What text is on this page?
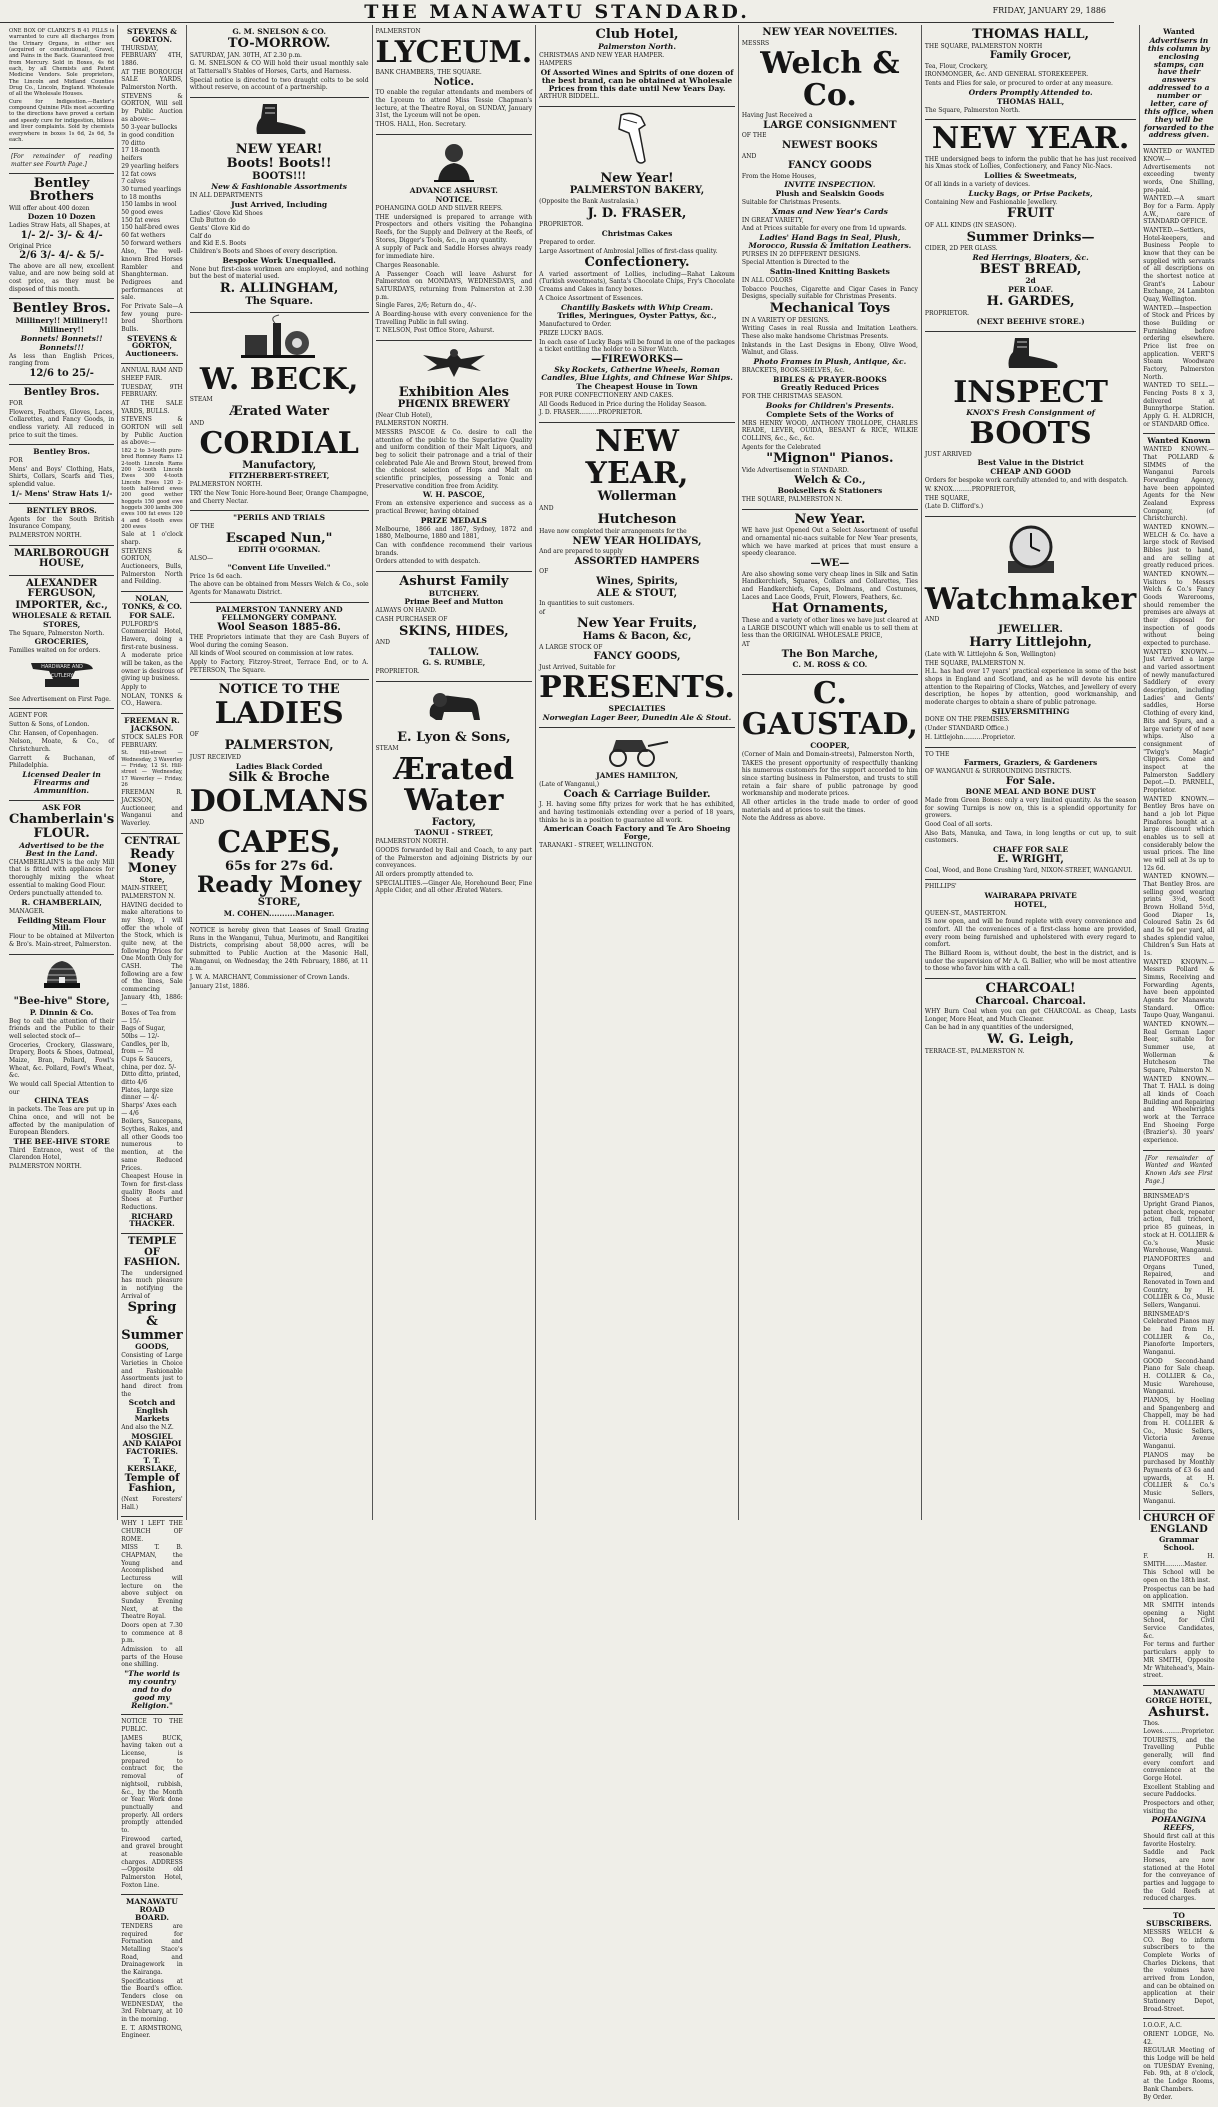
THE MANAWATU STANDARD.	FRIDAY, JANUARY 29, 1886
ONE BOX OF CLARKE'S B 41 PILLS is warranted to cure all discharges from the Urinary Organs, in either sex (acquired or constitutional), Gravel, and Pains in the Back. Guaranteed free from Mercury. Sold in Boxes, 4s 6d each, by all Chemists and Patent Medicine Vendors. Sole proprietors, The Lincoln and Midland Counties Drug Co., Lincoln, England. Wholesale of all the Wholesale Houses.
Cure for Indigestion.—Baxter's compound Quinine Pills most according to the directions have proved a certain and speedy cure for indigestion, bilious and liver complaints. Sold by chemists everywhere in boxes 1s 6d, 2s 6d, 5s each.
[For remainder of reading matter see Fourth Page.]
Bentley Brothers
Will offer about 400 dozen
Dozen 10 Dozen
Ladies Straw Hats, all Shapes, at
1/- 2/- 3/- & 4/-
Original Price
2/6 3/- 4/- & 5/-
The above are all new, excellent value, and are now being sold at cost price, as they must be disposed of this month.
Bentley Bros.
Millinery!! Millinery!!
Millinery!!
Bonnets! Bonnets!!
Bonnets!!!
As less than English Prices, ranging from
12/6 to 25/-
Bentley Bros.
FOR
Flowers, Feathers, Gloves, Laces, Collarettes, and Fancy Goods, in endless variety. All reduced in price to suit the times.
Bentley Bros.
FOR
Mens' and Boys' Clothing, Hats, Shirts, Collars, Scarfs and Ties, splendid value.
1/- Mens' Straw Hats 1/-
BENTLEY BROS.
Agents for the South British Insurance Company,
PALMERSTON NORTH.
MARLBOROUGH HOUSE,
ALEXANDER FERGUSON,
IMPORTER, &c.,
WHOLESALE & RETAIL
STORES,
The Square, Palmerston North.
GROCERIES,
Families waited on for orders.
HARDWARE AND
CUTLERY
See Advertisement on First Page.
AGENT FOR
Sutton & Sons, of London.
Chr. Hansen, of Copenhagen.
Nelson, Moate, & Co., of Christchurch.
Garrett & Buchanan, of Philadelphia.
Licensed Dealer in Firearms and Ammunition.
ASK FOR
Chamberlain's
FLOUR.
Advertised to be the Best in the Land.
CHAMBERLAIN'S is the only Mill that is fitted with appliances for thoroughly mixing the wheat essential to making Good Flour.
Orders punctually attended to.
R. CHAMBERLAIN,
MANAGER.
Feilding Steam Flour Mill.
Flour to be obtained at Milverton & Bro's. Main-street, Palmerston.
"Bee-hive" Store,
P. Dinnin & Co.
Beg to call the attention of their friends and the Public to their well selected stock of—
Groceries, Crockery, Glassware, Drapery, Boots & Shoes, Oatmeal, Maize, Bran, Pollard, Fowl's Wheat, &c. Pollard, Fowl's Wheat, &c.
We would call Special Attention to our
CHINA TEAS
in packets. The Teas are put up in China once, and will not be affected by the manipulation of European Blenders.
THE BEE-HIVE STORE
Third Entrance, west of the Clarendon Hotel,
PALMERSTON NORTH.
STEVENS & GORTON.
THURSDAY, FEBRUARY 4TH, 1886.
AT THE BOROUGH SALE YARDS, Palmerston North.
STEVENS & GORTON, Will sell by Public Auction as above:—
50 3-year bullocks in good condition
70 ditto
17 18-month heifers
29 yearling heifers
12 fat cows
7 calves
30 turned yearlings to 18 months
150 lambs in wool
50 good ewes
150 fat ewes
150 half-bred ewes
60 fat wethers
50 forward wethers
Also, The well-known Bred Horses Rambler and Shanghterman. Pedigrees and performances at sale.
For Private Sale—A few young pure-bred Shorthorn Bulls.
STEVENS & GORTON, Auctioneers.
ANNUAL RAM AND SHEEP FAIR.
TUESDAY, 9TH FEBRUARY.
AT THE SALE YARDS, BULLS.
STEVENS & GORTON will sell by Public Auction as above:—
182 2 to 3-tooth pure-bred Romney Rams 12 2-tooth Lincoln Rams 200 2-tooth Lincoln Ewes 300 4-tooth Lincoln Ewes 120 2-tooth half-bred ewes 200 good wether hoggets 150 good ewe hoggets 300 lambs 300 ewes 100 fat ewes 120 4 and 6-tooth ewes 200 ewes
Sale at 1 o'clock sharp.
STEVENS & GORTON, Auctioneers, Bulls, Palmerston North and Feilding.
NOLAN, TONKS, & CO.
FOR SALE.
PULFORD'S Commercial Hotel, Hawera, doing a first-rate business.
A moderate price will be taken, as the owner is desirous of giving up business.
Apply to
NOLAN, TONKS & CO., Hawera.
FREEMAN R. JACKSON.
STOCK SALES FOR FEBRUARY.
St. Hill-street — Wednesday, 3 Waverley — Friday, 12 St. Hill-street — Wednesday, 17 Waverley — Friday, 26
FREEMAN R. JACKSON, Auctioneer, and Wanganui and Waverley.
CENTRAL
Ready Money
Store,
MAIN-STREET, PALMERSTON N.
HAVING decided to make alterations to my Shop, I will offer the whole of the Stock, which is quite new, at the following Prices for One Month Only for CASH. The following are a few of the lines, Sale commencing January 4th, 1886:—
Boxes of Tea from — 15/-
Bags of Sugar, 50lbs — 12/-
Candles, per lb, from — 7d
Cups & Saucers, china, per doz. 5/-
Ditto ditto, printed, ditto 4/6
Plates, large size dinner — 4/-
Sharps' Axes each — 4/6
Boilers, Saucepans, Scythes, Rakes, and all other Goods too numerous to mention, at the same Reduced Prices.
Cheapest House in Town for first-class quality Boots and Shoes at Further Reductions.
RICHARD THACKER.
TEMPLE OF FASHION.
The undersigned has much pleasure in notifying the Arrival of
Spring & Summer
GOODS,
Consisting of Large Varieties in Choice and Fashionable Assortments just to hand direct from the
Scotch and English Markets
And also the N.Z.
MOSGIEL AND KAIAPOI FACTORIES.
T. T. KERSLAKE,
Temple of Fashion,
(Next Foresters' Hall.)
WHY I LEFT THE CHURCH OF ROME.
MISS T. B. CHAPMAN, the Young and Accomplished Lecturess will lecture on the above subject on Sunday Evening Next, at the Theatre Royal.
Doors open at 7.30 to commence at 8 p.m.
Admission to all parts of the House one shilling.
"The world is my country and to do good my Religion."
NOTICE TO THE PUBLIC.
JAMES BUCK, having taken out a License, is prepared to contract for, the removal of nightsoil, rubbish, &c., by the Month or Year. Work done punctually and properly. All orders promptly attended to.
Firewood carted, and gravel brought at reasonable charges. ADDRESS—Opposite old Palmerston Hotel, Foxton Line.
MANAWATU ROAD BOARD.
TENDERS are required for Formation and Metalling Stace's Road, and Drainagework in the Kairanga.
Specifications at the Board's office. Tenders close on WEDNESDAY, the 3rd February, at 10 in the morning.
E. T. ARMSTRONG, Engineer.
G. M. SNELSON & CO.
TO-MORROW.
SATURDAY, JAN. 30TH, AT 2.30 p.m.
G. M. SNELSON & CO Will hold their usual monthly sale at Tattersall's Stables of Horses, Carts, and Harness.
Special notice is directed to two draught colts to be sold without reserve, on account of a partnership.
NEW YEAR!
Boots! Boots!!
BOOTS!!!
New & Fashionable Assortments
IN ALL DEPARTMENTS
Just Arrived, Including
Ladies' Glove Kid Shoes
Club Button do
Gents' Glove Kid do
Calf do
and Kid E.S. Boots
Children's Boots and Shoes of every description.
Bespoke Work Unequalled.
None but first-class workmen are employed, and nothing but the best of material used.
R. ALLINGHAM,
The Square.
W. BECK,
STEAM
Ærated Water
AND
CORDIAL
Manufactory,
FITZHERBERT-STREET,
PALMERSTON NORTH.
TRY the New Tonic Hore-hound Beer, Orange Champagne, and Cherry Nectar.
"PERILS AND TRIALS
OF THE
Escaped Nun,"
EDITH O'GORMAN.
ALSO—
"Convent Life Unveiled."
Price 1s 6d each.
The above can be obtained from Messrs Welch & Co., sole Agents for Manawatu District.
PALMERSTON TANNERY AND FELLMONGERY COMPANY.
Wool Season 1885-86.
THE Proprietors intimate that they are Cash Buyers of Wool during the coming Season.
All kinds of Wool scoured on commission at low rates.
Apply to Factory, Fitzroy-Street, Terrace End, or to A. PETERSON, The Square.
NOTICE TO THE
LADIES
OF
PALMERSTON,
JUST RECEIVED
Ladies Black Corded
Silk & Broche
DOLMANS
AND
CAPES,
65s for 27s 6d.
Ready Money
STORE,
M. COHEN..........Manager.
NOTICE is hereby given that Leases of Small Grazing Runs in the Wanganui, Tuhua, Murimotu, and Rangitikei Districts, comprising about 58,000 acres, will be submitted to Public Auction at the Masonic Hall, Wanganui, on Wednesday, the 24th February, 1886, at 11 a.m.
J. W. A. MARCHANT, Commissioner of Crown Lands.
January 21st, 1886.
PALMERSTON
LYCEUM.
BANK CHAMBERS, THE SQUARE.
Notice.
TO enable the regular attendants and members of the Lyceum to attend Miss Tessie Chapman's lecture, at the Theatre Royal, on SUNDAY, January 31st, the Lyceum will not be open.
THOS. HALL, Hon. Secretary.
ADVANCE ASHURST.
NOTICE.
POHANGINA GOLD AND SILVER REEFS.
THE undersigned is prepared to arrange with Prospectors and others visiting the Pohangina Reefs, for the Supply and Delivery at the Reefs, of Stores, Digger's Tools, &c., in any quantity.
A supply of Pack and Saddle Horses always ready for immediate hire.
Charges Reasonable.
A Passenger Coach will leave Ashurst for Palmerston on MONDAYS, WEDNESDAYS, and SATURDAYS, returning from Palmerston at 2.30 p.m.
Single Fares, 2/6; Return do., 4/-.
A Boarding-house with every convenience for the Travelling Public in full swing.
T. NELSON, Post Office Store, Ashurst.
Exhibition Ales
PHŒNIX BREWERY
(Near Club Hotel),
PALMERSTON NORTH.
MESSRS PASCOE & Co. desire to call the attention of the public to the Superlative Quality and uniform condition of their Malt Liquors, and beg to solicit their patronage and a trial of their celebrated Pale Ale and Brown Stout, brewed from the choicest selection of Hops and Malt on scientific principles, possessing a Tonic and Preservative condition free from Acidity.
W. H. PASCOE,
From an extensive experience and success as a practical Brewer, having obtained
PRIZE MEDALS
Melbourne, 1866 and 1867, Sydney, 1872 and 1880, Melbourne, 1880 and 1881,
Can with confidence recommend their various brands.
Orders attended to with despatch.
Ashurst Family
BUTCHERY.
Prime Beef and Mutton
ALWAYS ON HAND.
CASH PURCHASER OF
SKINS, HIDES,
AND
TALLOW.
G. S. RUMBLE,
PROPRIETOR.
E. Lyon & Sons,
STEAM
Ærated Water
Factory,
TAONUI - STREET,
PALMERSTON NORTH.
GOODS forwarded by Rail and Coach, to any part of the Palmerston and adjoining Districts by our conveyances.
All orders promptly attended to.
SPECIALITIES.—Ginger Ale, Horehound Beer, Fine Apple Cider, and all other Ærated Waters.
Club Hotel,
Palmerston North.
CHRISTMAS AND NEW YEAR HAMPER.
HAMPERS
Of Assorted Wines and Spirits of one dozen of the best brand, can be obtained at Wholesale Prices from this date until New Years Day.
ARTHUR BIDDELL.
New Year!
PALMERSTON BAKERY,
(Opposite the Bank Australasia.)
J. D. FRASER,
PROPRIETOR.
Christmas Cakes
Prepared to order.
Large Assortment of Ambrosial Jellies of first-class quality.
Confectionery.
A varied assortment of Lollies, including—Rahat Lakoum (Turkish sweetmeats), Santa's Chocolate Chips, Fry's Chocolate Creams and Cakes in fancy boxes.
A Choice Assortment of Essences.
Chantilly Baskets with Whip Cream.
Trifles, Meringues, Oyster Pattys, &c.,
Manufactured to Order.
PRIZE LUCKY BAGS.
In each case of Lucky Bags will be found in one of the packages a ticket entitling the holder to a Silver Watch.
—FIREWORKS—
Sky Rockets, Catherine Wheels, Roman Candles, Blue Lights, and Chinese War Ships.
The Cheapest House in Town
FOR PURE CONFECTIONERY AND CAKES.
All Goods Reduced in Price during the Holiday Season.
J. D. FRASER..........PROPRIETOR.
NEW YEAR,
Wollerman
AND
Hutcheson
Have now completed their arrangements for the
NEW YEAR HOLIDAYS,
And are prepared to supply
ASSORTED HAMPERS
OF
Wines, Spirits,
ALE & STOUT,
In quantities to suit customers.
of
New Year Fruits,
Hams & Bacon, &c,
A LARGE STOCK OF
FANCY GOODS,
Just Arrived, Suitable for
PRESENTS.
SPECIALTIES
Norwegian Lager Beer, Dunedin Ale & Stout.
JAMES HAMILTON,
(Late of Wanganui,)
Coach & Carriage Builder.
J. H. having some fifty prizes for work that he has exhibited, and having testimonials extending over a period of 18 years, thinks he is in a position to guarantee all work.
American Coach Factory and Te Aro Shoeing Forge,
TARANAKI - STREET, WELLINGTON.
NEW YEAR NOVELTIES.
MESSRS
Welch & Co.
Having Just Received a
LARGE CONSIGNMENT
OF THE
NEWEST BOOKS
AND
FANCY GOODS
From the Home Houses,
INVITE INSPECTION.
Plush and Sealskin Goods
Suitable for Christmas Presents.
Xmas and New Year's Cards
IN GREAT VARIETY,
And at Prices suitable for every one from 1d upwards.
Ladies' Hand Bags in Seal, Plush, Morocco, Russia & Imitation Leathers.
PURSES IN 20 DIFFERENT DESIGNS.
Special Attention is Directed to the
Satin-lined Knitting Baskets
IN ALL COLORS
Tobacco Pouches, Cigarette and Cigar Cases in Fancy Designs, specially suitable for Christmas Presents.
Mechanical Toys
IN A VARIETY OF DESIGNS.
Writing Cases in real Russia and Imitation Leathers. These also make handsome Christmas Presents.
Inkstands in the Last Designs in Ebony, Olive Wood, Walnut, and Glass.
Photo Frames in Plush, Antique, &c.
BRACKETS, BOOK-SHELVES, &c.
BIBLES & PRAYER-BOOKS
Greatly Reduced Prices
FOR THE CHRISTMAS SEASON.
Books for Children's Presents.
Complete Sets of the Works of
MRS HENRY WOOD, ANTHONY TROLLOPE, CHARLES READE, LEVER, OUIDA, BESANT & RICE, WILKIE COLLINS, &c., &c., &c.
Agents for the Celebrated
"Mignon" Pianos.
Vide Advertisement in STANDARD.
Welch & Co.,
Booksellers & Stationers
THE SQUARE, PALMERSTON N.
New Year.
WE have just Opened Out a Select Assortment of useful and ornamental nic-nacs suitable for New Year presents, which we have marked at prices that must ensure a speedy clearance.
—WE—
Are also showing some very cheap lines in Silk and Satin Handkerchiefs, Squares, Collars and Collarettes, Ties and Handkerchiefs, Capes, Dolmans, and Costumes, Laces and Lace Goods, Fruit, Flowers, Feathers, &c.
Hat Ornaments,
These and a variety of other lines we have just cleared at a LARGE DISCOUNT which will enable us to sell them at less than the ORIGINAL WHOLESALE PRICE,
AT
The Bon Marche,
C. M. ROSS & CO.
C. GAUSTAD,
COOPER,
(Corner of Main and Domain-streets), Palmerston North,
TAKES the present opportunity of respectfully thanking his numerous customers for the support accorded to him since starting business in Palmerston, and trusts to still retain a fair share of public patronage by good workmanship and moderate prices.
All other articles in the trade made to order of good materials and at prices to suit the times.
Note the Address as above.
THOMAS HALL,
THE SQUARE, PALMERSTON NORTH
Family Grocer,
Tea, Flour, Crockery,
IRONMONGER, &c. AND GENERAL STOREKEEPER.
Tents and Flies for sale, or procured to order at any measure.
Orders Promptly Attended to.
THOMAS HALL,
The Square, Palmerston North.
NEW YEAR.
THE undersigned begs to inform the public that he has just received his Xmas stock of Lollies, Confectionery, and Fancy Nic-Nacs.
Lollies & Sweetmeats,
Of all kinds in a variety of devices.
Lucky Bags, or Prise Packets,
Containing New and Fashionable Jewellery.
FRUIT
OF ALL KINDS (IN SEASON).
Summer Drinks—
CIDER, 2D PER GLASS.
Red Herrings, Bloaters, &c.
BEST BREAD,
2d
PER LOAF.
H. GARDES,
PROPRIETOR.
(NEXT BEEHIVE STORE.)
INSPECT
KNOX'S Fresh Consignment of
BOOTS
JUST ARRIVED
Best Value in the District
CHEAP AND GOOD
Orders for bespoke work carefully attended to, and with despatch.
W. KNOX..........PROPRIETOR,
THE SQUARE,
(Late D. Clifford's.)
Watchmaker
AND
JEWELLER.
Harry Littlejohn,
(Late with W. Littlejohn & Son, Wellington)
THE SQUARE, PALMERSTON N.
H.L. has had over 17 years' practical experience in some of the best shops in England and Scotland, and as he will devote his entire attention to the Repairing of Clocks, Watches, and Jewellery of every description, he hopes by attention, good workmanship, and moderate charges to obtain a share of public patronage.
SILVERSMITHING
DONE ON THE PREMISES.
(Under STANDARD Office.)
H. Littlejohn..........Proprietor.
TO THE
Farmers, Graziers, & Gardeners
OF WANGANUI & SURROUNDING DISTRICTS.
For Sale.
BONE MEAL AND BONE DUST
Made from Green Bones: only a very limited quantity. As the season for sowing Turnips is now on, this is a splendid opportunity for growers.
Good Coal of all sorts.
Also Bats, Manuka, and Tawa, in long lengths or cut up, to suit customers.
CHAFF FOR SALE
E. WRIGHT,
Coal, Wood, and Bone Crushing Yard, NIXON-STREET, WANGANUI.
PHILLIPS'
WAIRARAPA PRIVATE
HOTEL,
QUEEN-ST., MASTERTON.
IS now open, and will be found replete with every convenience and comfort. All the conveniences of a first-class home are provided, every room being furnished and upholstered with every regard to comfort.
The Billiard Room is, without doubt, the best in the district, and is under the supervision of Mr A. G. Ballier, who will be most attentive to those who favor him with a call.
CHARCOAL!
Charcoal. Charcoal.
WHY Burn Coal when you can get CHARCOAL as Cheap, Lasts Longer, More Heat, and Much Cleaner.
Can be had in any quantities of the undersigned,
W. G. Leigh,
TERRACE-ST., PALMERSTON N.
Wanted
Advertisers in this column by enclosing stamps, can have their answers addressed to a number or letter, care of this office, when they will be forwarded to the address given.
WANTED or WANTED KNOW.—Advertisements not exceeding twenty words, One Shilling, pre-paid.
WANTED.—A smart Boy for a Farm. Apply A.W., care of STANDARD OFFICE.
WANTED.—Settlers, Hotel-keepers, and Business People to know that they can be supplied with servants of all descriptions on the shortest notice at Grant's Labour Exchange, 24 Lambton Quay, Wellington.
WANTED.—Inspection of Stock and Prices by those Building or Furnishing before ordering elsewhere. Price list free on application. VERT'S Steam Woodware Factory, Palmerston North.
WANTED TO SELL.—Fencing Posts 8 x 3, delivered at Bunnythorpe Station. Apply G. H. ALDRICH, or STANDARD Office.
Wanted Known
WANTED KNOWN.—That POLLARD & SIMMS of the Wanganui Parcels Forwarding Agency, have been appointed Agents for the New Zealand Express Company, (of Christchurch).
WANTED KNOWN.—WELCH & Co. have a large stock of Revised Bibles just to hand, and are selling at greatly reduced prices.
WANTED KNOWN.—Visitors to Messrs Welch & Co.'s Fancy Goods Warerooms, should remember the premises are always at their disposal for inspection of goods without being expected to purchase.
WANTED KNOWN.—Just Arrived a large and varied assortment of newly manufactured Saddlery of every description, including Ladies' and Gents' saddles, Horse Clothing of every kind, Bits and Spurs, and a large variety of of new whips. Also a consignment of "Twigg's Magic" Clippers. Come and inspect at the Palmerston Saddlery Depot.—D. PARNELL, Proprietor.
WANTED KNOWN.—Bentley Bros have on hand a job lot Pique Pinafores bought at a large discount which enables us to sell at considerably below the usual prices. The line we will sell at 3s up to 12s 6d.
WANTED KNOWN.—That Bentley Bros. are selling good wearing prints 3½d, Scott Brown Holland 5½d, Good Diaper 1s, Coloured Satin 2s 6d and 3s 6d per yard, all shades splendid value, Children's Sun Hats at 1s.
WANTED KNOWN.—Messrs Pollard & Simms, Receiving and Forwarding Agents, have been appointed Agents for Manawatu Standard. Office: Taupo Quay, Wanganui.
WANTED KNOWN.—Real German Lager Beer, suitable for Summer use, at Wollerman & Hutcheson The Square, Palmerston N.
WANTED KNOWN.—That T. HALL is doing all kinds of Coach Building and Repairing and Wheelwrights work at the Terrace End Shoeing Forge (Brazier's). 30 years' experience.
[For remainder of Wanted and Wanted Known Ads see First Page.]
BRINSMEAD'S Upright Grand Pianos, patent check, repeater action, full trichord, price 85 guineas, in stock at H. COLLIER & Co.'s Music Warehouse, Wanganui.
PIANOFORTES and Organs Tuned, Repaired, and Renovated in Town and Country, by H. COLLIER & Co., Music Sellers, Wanganui.
BRINSMEAD'S Celebrated Pianos may be had from H. COLLIER & Co., Pianoforte Importers, Wanganui.
GOOD Second-hand Piano for Sale cheap. H. COLLIER & Co., Music Warehouse, Wanganui.
PIANOS, by Hoeling and Spangenberg and Chappell, may be had from H. COLLIER & Co., Music Sellers, Victoria Avenue Wanganui.
PIANOS may be purchased by Monthly Payments of £3 6s and upwards, at H. COLLIER & Co.'s Music Sellers, Wanganui.
CHURCH OF ENGLAND
Grammar School.
F. H. SMITH..........Master.
This School will be open on the 18th inst.
Prospectus can be had on application.
MR SMITH intends opening a Night School, for Civil Service Candidates, &c.
For terms and further particulars apply to MR SMITH, Opposite Mr Whitehead's, Main-street.
MANAWATU GORGE HOTEL,
Ashurst.
Thos. Lowes..........Proprietor.
TOURISTS, and the Travelling Public generally, will find every comfort and convenience at the Gorge Hotel.
Excellent Stabling and secure Paddocks.
Prospectors and other, visiting the
POHANGINA REEFS,
Should first call at this favorite Hostelry.
Saddle and Pack Horses, are now stationed at the Hotel for the conveyance of parties and luggage to the Gold Reefs at reduced charges.
TO SUBSCRIBERS.
MESSRS WELCH & CO. Beg to inform subscribers to the Complete Works of Charles Dickens, that the volumes have arrived from London, and can be obtained on application at their Stationery Depot, Broad-Street.
I.O.O.F., A.C.
ORIENT LODGE, No. 42.
REGULAR Meeting of this Lodge will be held on TUESDAY Evening, Feb. 9th, at 8 o'clock, at the Lodge Rooms, Bank Chambers.
By Order.
